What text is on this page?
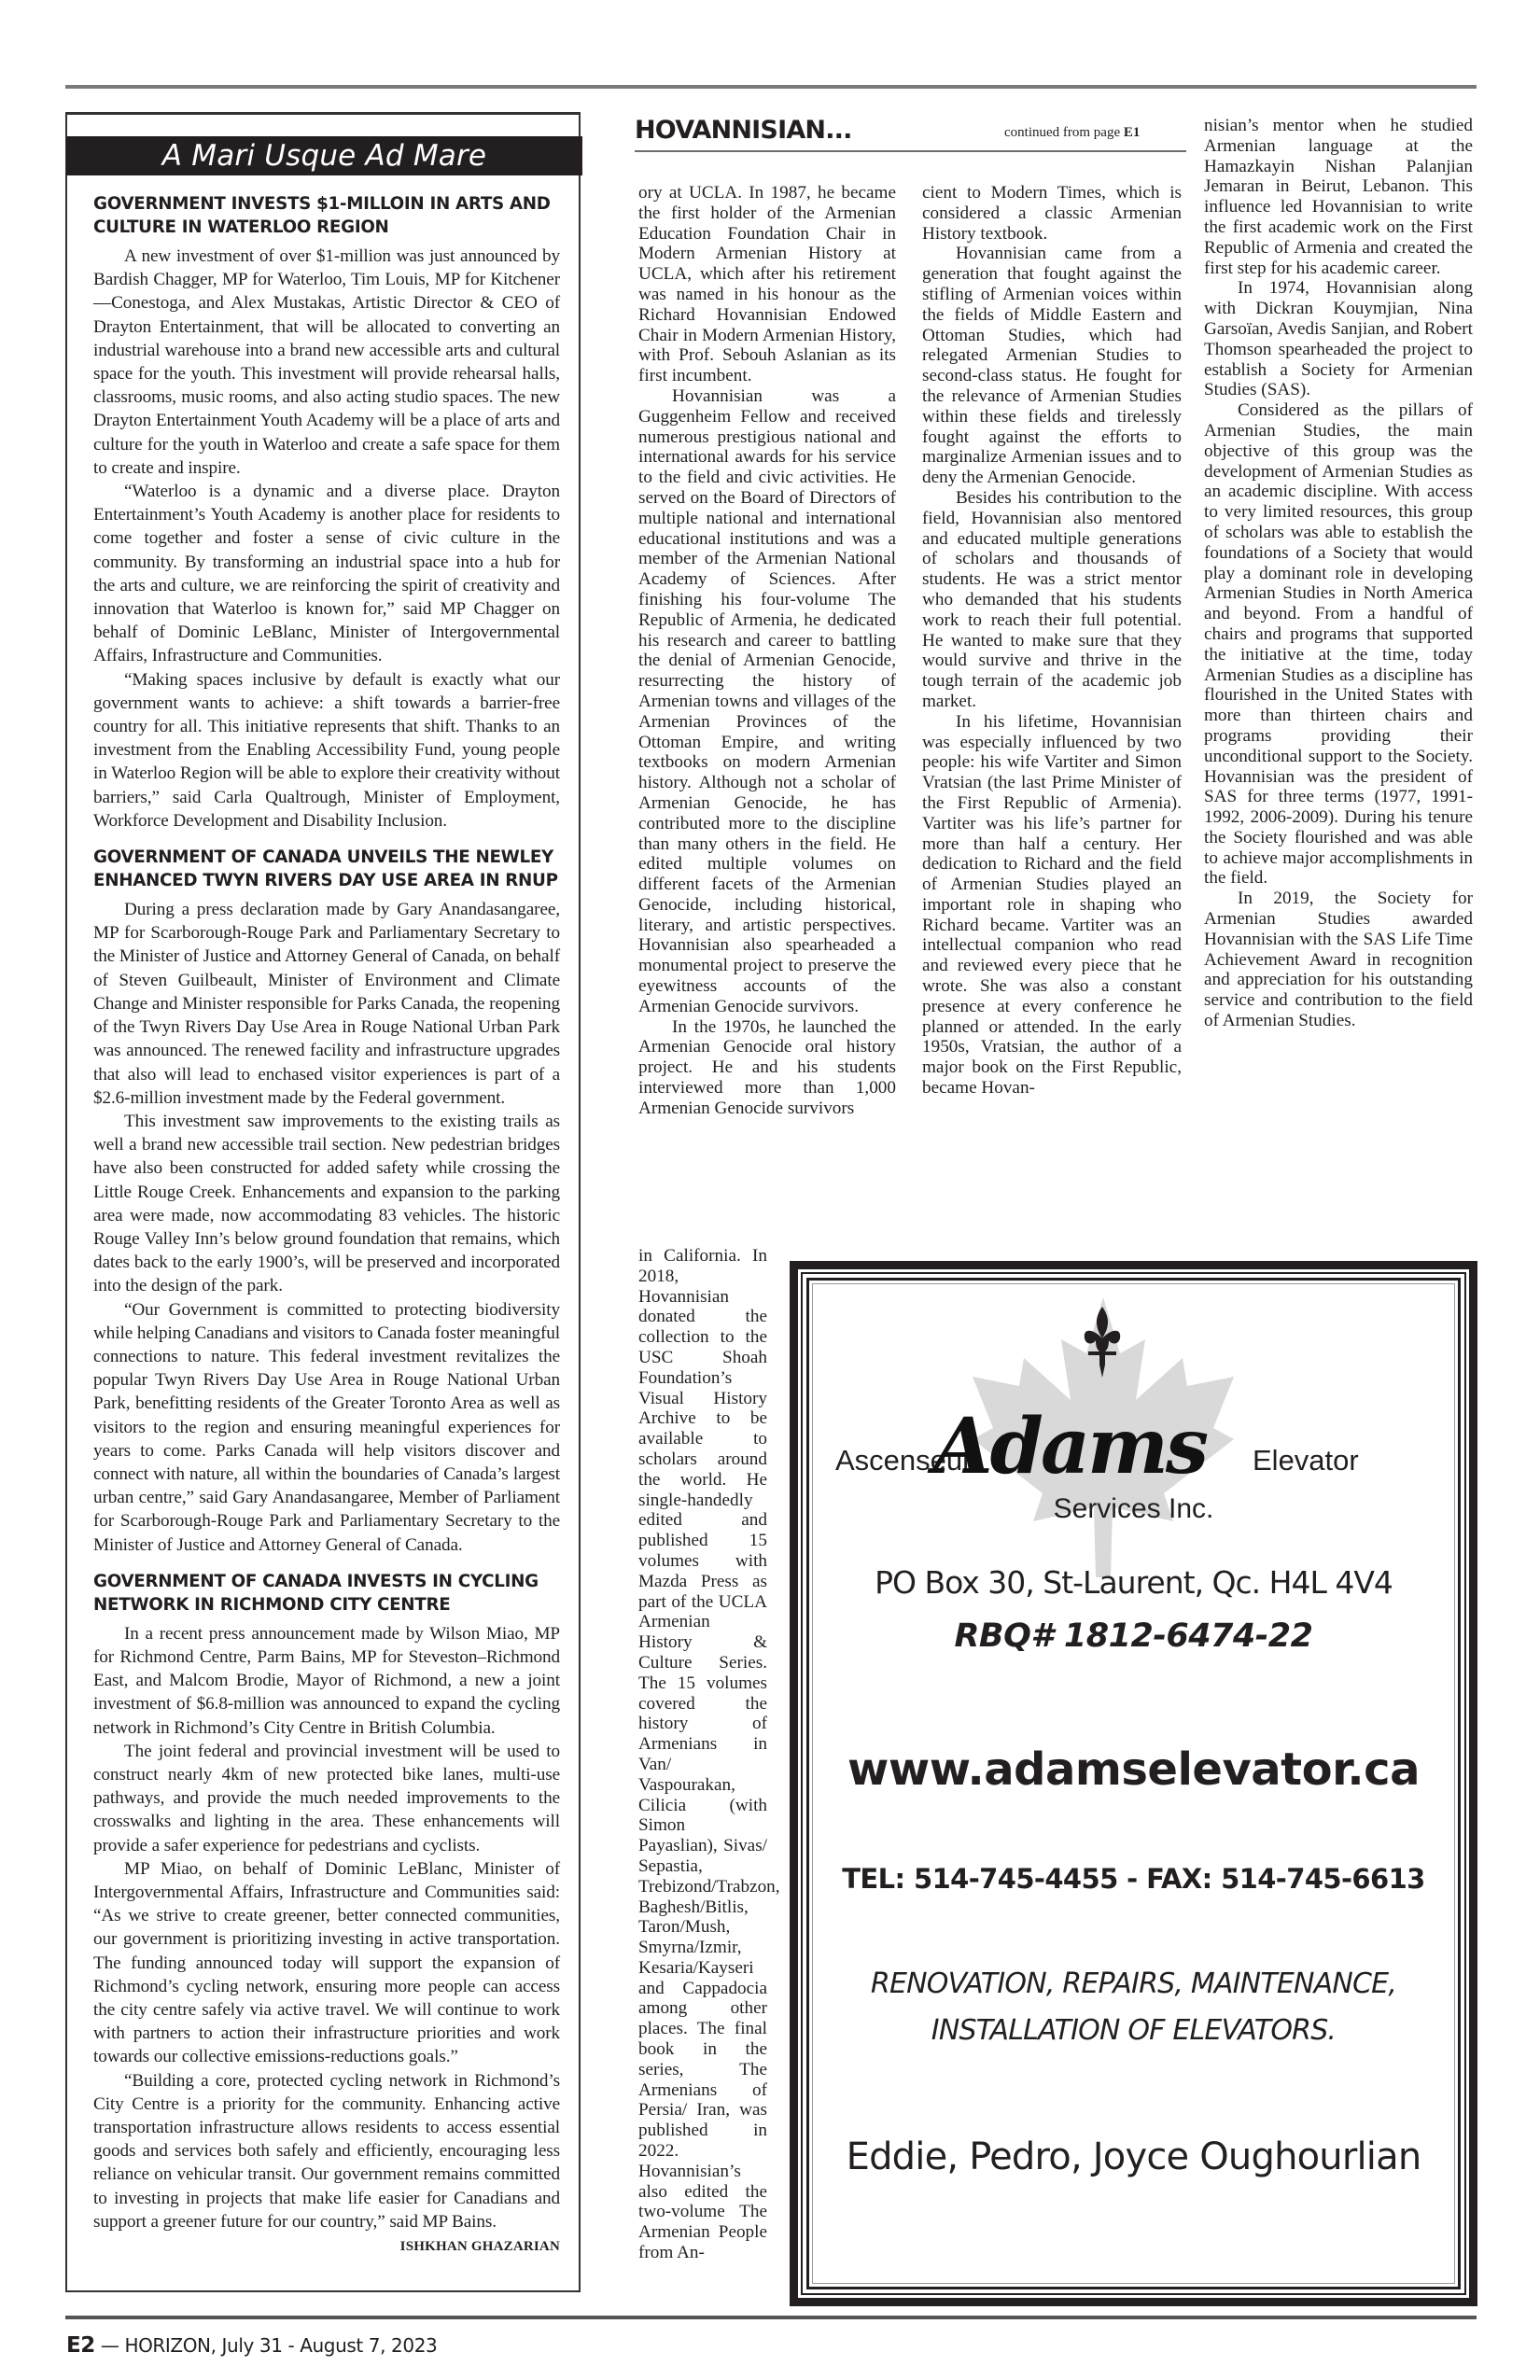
A Mari Usque Ad Mare
GOVERNMENT INVESTS $1-MILLOIN IN ARTS AND CULTURE IN WATERLOO REGION

A new investment of over $1-million was just announced by Bardish Chagger, MP for Waterloo, Tim Louis, MP for Kitchener—Conestoga, and Alex Mustakas, Artistic Director & CEO of Drayton Entertainment, that will be allocated to converting an industrial warehouse into a brand new accessible arts and cultural space for the youth. This investment will provide rehearsal halls, classrooms, music rooms, and also acting studio spaces. The new Drayton Entertainment Youth Academy will be a place of arts and culture for the youth in Waterloo and create a safe space for them to create and inspire.

“Waterloo is a dynamic and a diverse place. Drayton Entertainment’s Youth Academy is another place for residents to come together and foster a sense of civic culture in the community. By transforming an industrial space into a hub for the arts and culture, we are reinforcing the spirit of creativity and innovation that Waterloo is known for,” said MP Chagger on behalf of Dominic LeBlanc, Minister of Intergovernmental Affairs, Infrastructure and Communities.

“Making spaces inclusive by default is exactly what our government wants to achieve: a shift towards a barrier-free country for all. This initiative represents that shift. Thanks to an investment from the Enabling Accessibility Fund, young people in Waterloo Region will be able to explore their creativity without barriers,” said Carla Qualtrough, Minister of Employment, Workforce Development and Disability Inclusion.

GOVERNMENT OF CANADA UNVEILS THE NEWLEY ENHANCED TWYN RIVERS DAY USE AREA IN RNUP

During a press declaration made by Gary Anandasangaree, MP for Scarborough-Rouge Park and Parliamentary Secretary to the Minister of Justice and Attorney General of Canada, on behalf of Steven Guilbeault, Minister of Environment and Climate Change and Minister responsible for Parks Canada, the reopening of the Twyn Rivers Day Use Area in Rouge National Urban Park was announced. The renewed facility and infrastructure upgrades that also will lead to enchased visitor experiences is part of a $2.6-million investment made by the Federal government.

This investment saw improvements to the existing trails as well a brand new accessible trail section. New pedestrian bridges have also been constructed for added safety while crossing the Little Rouge Creek. Enhancements and expansion to the parking area were made, now accommodating 83 vehicles. The historic Rouge Valley Inn’s below ground foundation that remains, which dates back to the early 1900’s, will be preserved and incorporated into the design of the park.

“Our Government is committed to protecting biodiversity while helping Canadians and visitors to Canada foster meaningful connections to nature. This federal investment revitalizes the popular Twyn Rivers Day Use Area in Rouge National Urban Park, benefitting residents of the Greater Toronto Area as well as visitors to the region and ensuring meaningful experiences for years to come. Parks Canada will help visitors discover and connect with nature, all within the boundaries of Canada’s largest urban centre,” said Gary Anandasangaree, Member of Parliament for Scarborough-Rouge Park and Parliamentary Secretary to the Minister of Justice and Attorney General of Canada.

GOVERNMENT OF CANADA INVESTS IN CYCLING NETWORK IN RICHMOND CITY CENTRE

In a recent press announcement made by Wilson Miao, MP for Richmond Centre, Parm Bains, MP for Steveston–Richmond East, and Malcom Brodie, Mayor of Richmond, a new a joint investment of $6.8-million was announced to expand the cycling network in Richmond’s City Centre in British Columbia.

The joint federal and provincial investment will be used to construct nearly 4km of new protected bike lanes, multi-use pathways, and provide the much needed improvements to the crosswalks and lighting in the area. These enhancements will provide a safer experience for pedestrians and cyclists.

MP Miao, on behalf of Dominic LeBlanc, Minister of Intergovernmental Affairs, Infrastructure and Communities said: “As we strive to create greener, better connected communities, our government is prioritizing investing in active transportation. The funding announced today will support the expansion of Richmond’s cycling network, ensuring more people can access the city centre safely via active travel. We will continue to work with partners to action their infrastructure priorities and work towards our collective emissions-reductions goals.”

“Building a core, protected cycling network in Richmond’s City Centre is a priority for the community. Enhancing active transportation infrastructure allows residents to access essential goods and services both safely and efficiently, encouraging less reliance on vehicular transit. Our government remains committed to investing in projects that make life easier for Canadians and support a greener future for our country,” said MP Bains.

ISHKHAN GHAZARIAN
HOVANNISIAN...	continued from page E1

ory at UCLA. In 1987, he became the first holder of the Armenian Education Foundation Chair in Modern Armenian History at UCLA, which after his retirement was named in his honour as the Richard Hovannisian Endowed Chair in Modern Armenian History, with Prof. Sebouh Aslanian as its first incumbent.

Hovannisian was a Guggenheim Fellow and received numerous prestigious national and international awards for his service to the field and civic activities. He served on the Board of Directors of multiple national and international educational institutions and was a member of the Armenian National Academy of Sciences. After finishing his four-volume The Republic of Armenia, he dedicated his research and career to battling the denial of Armenian Genocide, resurrecting the history of Armenian towns and villages of the Armenian Provinces of the Ottoman Empire, and writing textbooks on modern Armenian history. Although not a scholar of Armenian Genocide, he has contributed more to the discipline than many others in the field. He edited multiple volumes on different facets of the Armenian Genocide, including historical, literary, and artistic perspectives. Hovannisian also spearheaded a monumental project to preserve the eyewitness accounts of the Armenian Genocide survivors.

In the 1970s, he launched the Armenian Genocide oral history project. He and his students interviewed more than 1,000 Armenian Genocide survivors

in California. In 2018, Hovannisian donated the collection to the USC Shoah Foundation’s Visual History Archive to be available to scholars around the world. He single-handedly edited and published 15 volumes with Mazda Press as part of the UCLA Armenian History & Culture Series. The 15 volumes covered the history of Armenians in Van/ Vaspourakan, Cilicia (with Simon Payaslian), Sivas/ Sepastia, Trebizond/Trabzon, Baghesh/Bitlis, Taron/Mush, Smyrna/Izmir, Kesaria/Kayseri and Cappadocia among other places. The final book in the series, The Armenians of Persia/ Iran, was published in 2022. Hovannisian’s also edited the two-volume The Armenian People from An-

cient to Modern Times, which is considered a classic Armenian History textbook.

Hovannisian came from a generation that fought against the stifling of Armenian voices within the fields of Middle Eastern and Ottoman Studies, which had relegated Armenian Studies to second-class status. He fought for the relevance of Armenian Studies within these fields and tirelessly fought against the efforts to marginalize Armenian issues and to deny the Armenian Genocide.

Besides his contribution to the field, Hovannisian also mentored and educated multiple generations of scholars and thousands of students. He was a strict mentor who demanded that his students work to reach their full potential. He wanted to make sure that they would survive and thrive in the tough terrain of the academic job market.

In his lifetime, Hovannisian was especially influenced by two people: his wife Vartiter and Simon Vratsian (the last Prime Minister of the First Republic of Armenia). Vartiter was his life’s partner for more than half a century. Her dedication to Richard and the field of Armenian Studies played an important role in shaping who Richard became. Vartiter was an intellectual companion who read and reviewed every piece that he wrote. She was also a constant presence at every conference he planned or attended. In the early 1950s, Vratsian, the author of a major book on the First Republic, became Hovan-

nisian’s mentor when he studied Armenian language at the Hamazkayin Nishan Palanjian Jemaran in Beirut, Lebanon. This influence led Hovannisian to write the first academic work on the First Republic of Armenia and created the first step for his academic career.

In 1974, Hovannisian along with Dickran Kouymjian, Nina Garsoïan, Avedis Sanjian, and Robert Thomson spearheaded the project to establish a Society for Armenian Studies (SAS).

Considered as the pillars of Armenian Studies, the main objective of this group was the development of Armenian Studies as an academic discipline. With access to very limited resources, this group of scholars was able to establish the foundations of a Society that would play a dominant role in developing Armenian Studies in North America and beyond. From a handful of chairs and programs that supported the initiative at the time, today Armenian Studies as a discipline has flourished in the United States with more than thirteen chairs and programs providing their unconditional support to the Society. Hovannisian was the president of SAS for three terms (1977, 1991-1992, 2006-2009). During his tenure the Society flourished and was able to achieve major accomplishments in the field.

In 2019, the Society for Armenian Studies awarded Hovannisian with the SAS Life Time Achievement Award in recognition and appreciation for his outstanding service and contribution to the field of Armenian Studies.

Ascenseur
Adams Elevator
Services Inc.
PO Box 30, St-Laurent, Qc. H4L 4V4
RBQ# 1812-6474-22
www.adamselevator.ca
TEL: 514-745-4455 - FAX: 514-745-6613
RENOVATION, REPAIRS, MAINTENANCE,
INSTALLATION OF ELEVATORS.
Eddie, Pedro, Joyce Oughourlian
E2 — HORIZON, July 31 - August 7, 2023
